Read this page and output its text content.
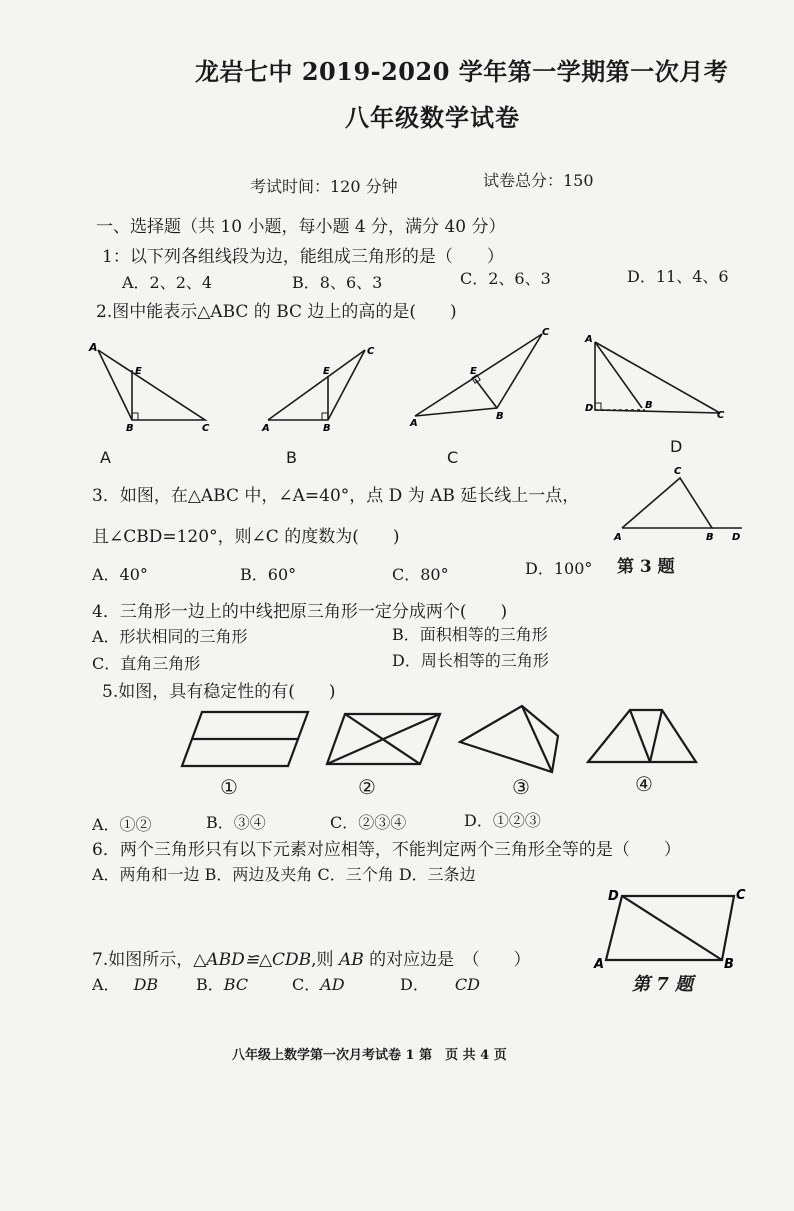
龙岩七中 2019-2020 学年第一学期第一次月考
八年级数学试卷
考试时间：120 分钟	试卷总分：150
一、选择题（共 10 小题，每小题 4 分，满分 40 分）
1：以下列各组线段为边，能组成三角形的是（　　）
A．2、2、4	B．8、6、3	C．2、6、3	D．11、4、6
2.图中能表示△ABC 的 BC 边上的高的是(　　)
A
E
B	C
C
E
A	B
C
E
A
B
A
D	B
C
A	B	C
D
3．如图，在△ABC 中，∠A=40°，点 D 为 AB 延长线上一点，
且∠CBD=120°，则∠C 的度数为(　　)
A．40°	B．60°	C．80°	D．100° 第 3 题
C
A	B D
4．三角形一边上的中线把原三角形一定分成两个(　　)
A．形状相同的三角形	B．面积相等的三角形
C．直角三角形	D．周长相等的三角形
5.如图，具有稳定性的有(　　)
①	②	③	④
A．①②	B．③④	C．②③④	D．①②③
6．两个三角形只有以下元素对应相等，不能判定两个三角形全等的是（　　）
A．两角和一边 B．两边及夹角 C．三个角 D．三条边
7.如图所示，△ABD≌△CDB,则 AB 的对应边是　（　　）
A． DB B．BC	C．AD	D． CD
D	C
A	B
第 7 题
八年级上数学第一次月考试卷 1 第　页 共 4 页
